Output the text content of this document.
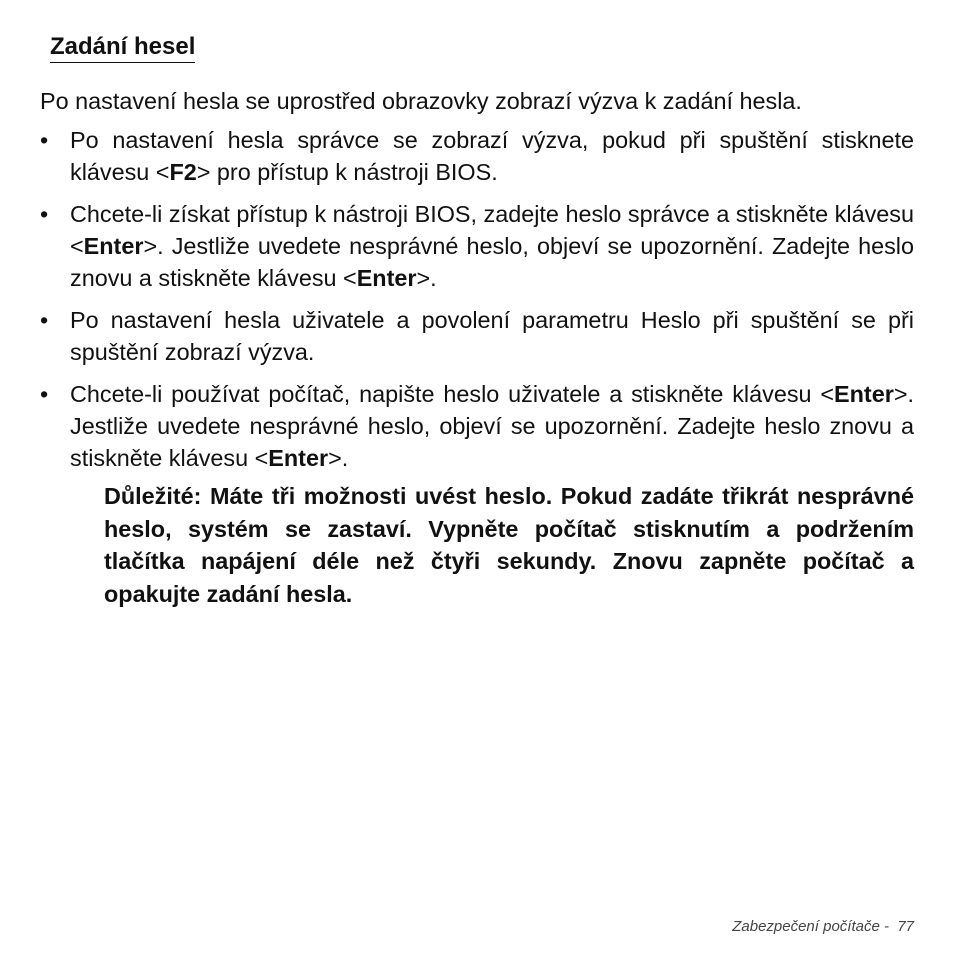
Zadání hesel

Po nastavení hesla se uprostřed obrazovky zobrazí výzva k zadání hesla.

• Po nastavení hesla správce se zobrazí výzva, pokud při spuštění stisknete klávesu <F2> pro přístup k nástroji BIOS.
• Chcete-li získat přístup k nástroji BIOS, zadejte heslo správce a stiskněte klávesu <Enter>. Jestliže uvedete nesprávné heslo, objeví se upozornění. Zadejte heslo znovu a stiskněte klávesu <Enter>.
• Po nastavení hesla uživatele a povolení parametru Heslo při spuštění se při spuštění zobrazí výzva.
• Chcete-li používat počítač, napište heslo uživatele a stiskněte klávesu <Enter>. Jestliže uvedete nesprávné heslo, objeví se upozornění. Zadejte heslo znovu a stiskněte klávesu <Enter>.

Důležité: Máte tři možnosti uvést heslo. Pokud zadáte třikrát nesprávné heslo, systém se zastaví. Vypněte počítač stisknutím a podržením tlačítka napájení déle než čtyři sekundy. Znovu zapněte počítač a opakujte zadání hesla.

Zabezpečení počítače -  77
